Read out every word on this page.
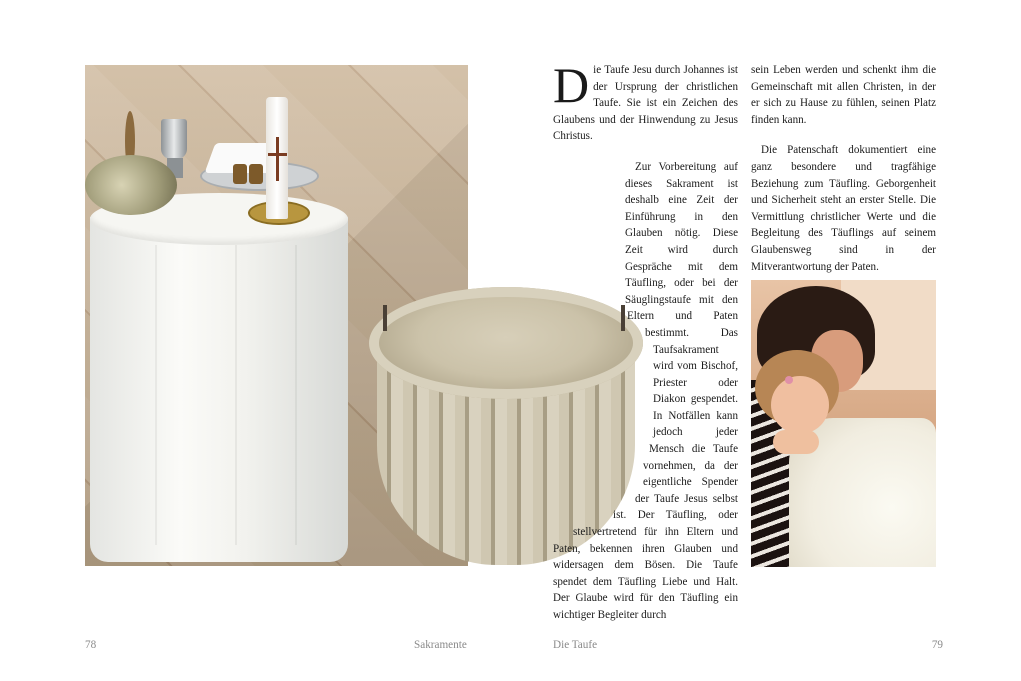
Die Taufe Jesu durch Johannes ist der Ursprung der christlichen Taufe. Sie ist ein Zeichen des Glaubens und der Hinwendung zu Jesus Christus.

Zur Vorbereitung auf dieses Sakrament ist deshalb eine Zeit der Einführung in den Glauben nötig. Diese Zeit wird durch Gespräche mit dem Täufling, oder bei der Säuglingstaufe mit den Eltern und Paten bestimmt. Das Taufsakrament wird vom Bischof, Priester oder Diakon gespendet. In Notfällen kann jedoch jeder Mensch die Taufe vornehmen, da der eigentliche Spender der Taufe Jesus selbst ist. Der Täufling, oder stellvertretend für ihn Eltern und Paten, bekennen ihren Glauben und widersagen dem Bösen. Die Taufe spendet dem Täufling Liebe und Halt. Der Glaube wird für den Täufling ein wichtiger Begleiter durch

sein Leben werden und schenkt ihm die Gemeinschaft mit allen Christen, in der er sich zu Hause zu fühlen, seinen Platz finden kann.

Die Patenschaft dokumentiert eine ganz besondere und tragfähige Beziehung zum Täufling. Geborgenheit und Sicherheit steht an erster Stelle. Die Vermittlung christlicher Werte und die Begleitung des Täuflings auf seinem Glaubensweg sind in der Mitverantwortung der Paten.

78	Sakramente	Die Taufe	79
